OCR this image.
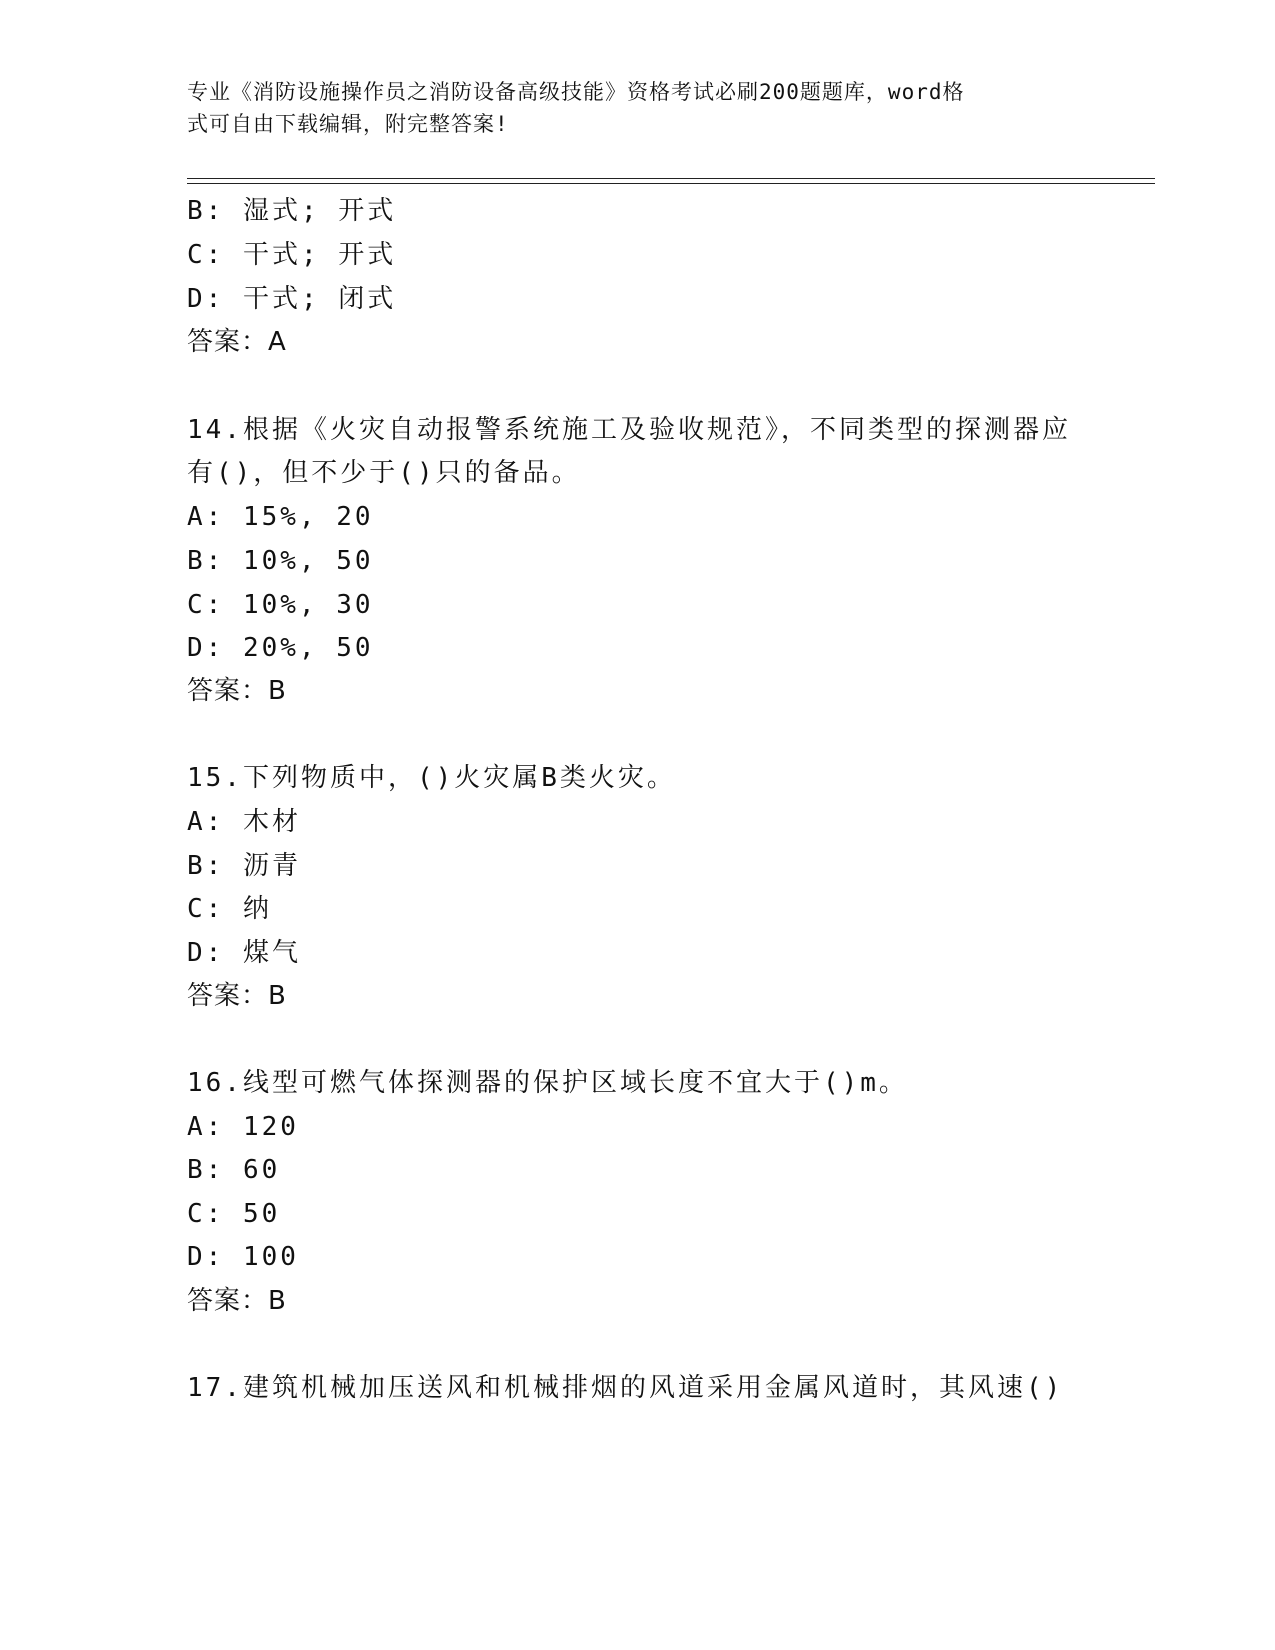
专业《消防设施操作员之消防设备高级技能》资格考试必刷200题题库，word格
式可自由下载编辑，附完整答案!
B: 湿式; 开式
C: 干式; 开式
D: 干式; 闭式
答案：A
14.根据《火灾自动报警系统施工及验收规范》，不同类型的探测器应
有()，但不少于()只的备品。
A: 15%, 20
B: 10%, 50
C: 10%, 30
D: 20%, 50
答案：B
15.下列物质中，()火灾属B类火灾。
A: 木材
B: 沥青
C: 纳
D: 煤气
答案：B
16.线型可燃气体探测器的保护区域长度不宜大于()m。
A: 120
B: 60
C: 50
D: 100
答案：B
17.建筑机械加压送风和机械排烟的风道采用金属风道时，其风速()
